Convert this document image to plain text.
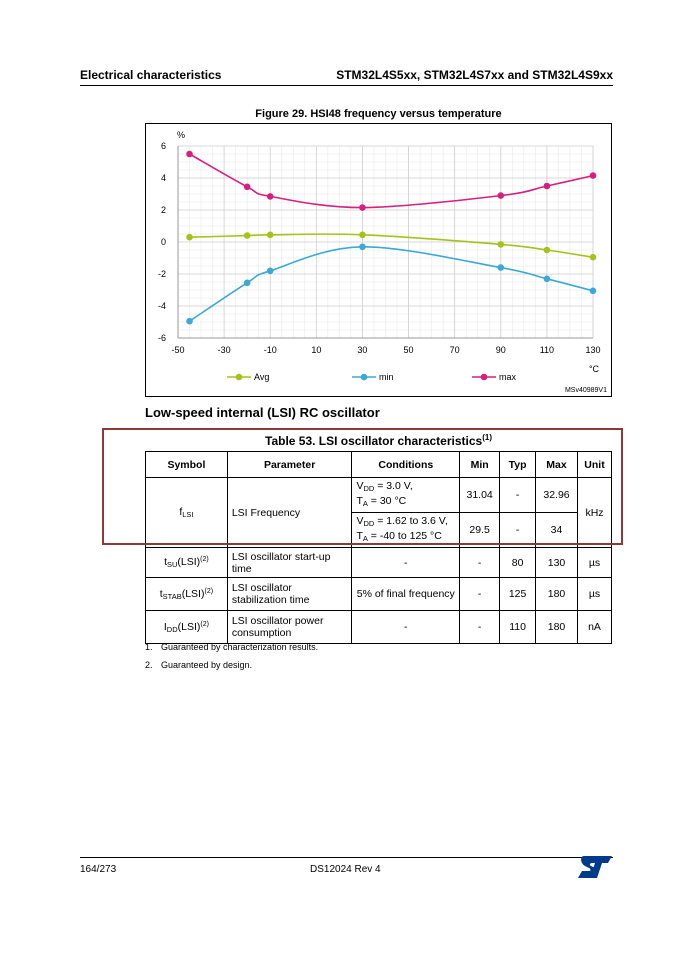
Electrical characteristics	STM32L4S5xx, STM32L4S7xx and STM32L4S9xx
Figure 29. HSI48 frequency versus temperature
-50	-30	-10	10	30	50	70	90	110	130
6
4
2
0
-2
-4
-6
Avg	min	max
%
°C
MSv40989V1
Low-speed internal (LSI) RC oscillator
Table 53. LSI oscillator characteristics$^{(1)}$
Symbol	Parameter	Conditions	Min	Typ	Max	Unit
$f_{LSI}$	LSI Frequency	$V_{DD} = 3.0$ V,
$T_A = 30$ °C	31.04	-	32.96	kHz
		$V_{DD} = 1.62$ to 3.6 V,
$T_A = -40$ to 125 °C	29.5	-	34	
$t_{SU}(LSI)^{(2)}$	LSI oscillator start-up time	-	-	80	130	µs
$t_{STAB}(LSI)^{(2)}$	LSI oscillator stabilization time	5% of final frequency	-	125	180	µs
$I_{DD}(LSI)^{(2)}$	LSI oscillator power consumption	-	-	110	180	nA
1. Guaranteed by characterization results.
2. Guaranteed by design.
164/273	DS12024 Rev 4
